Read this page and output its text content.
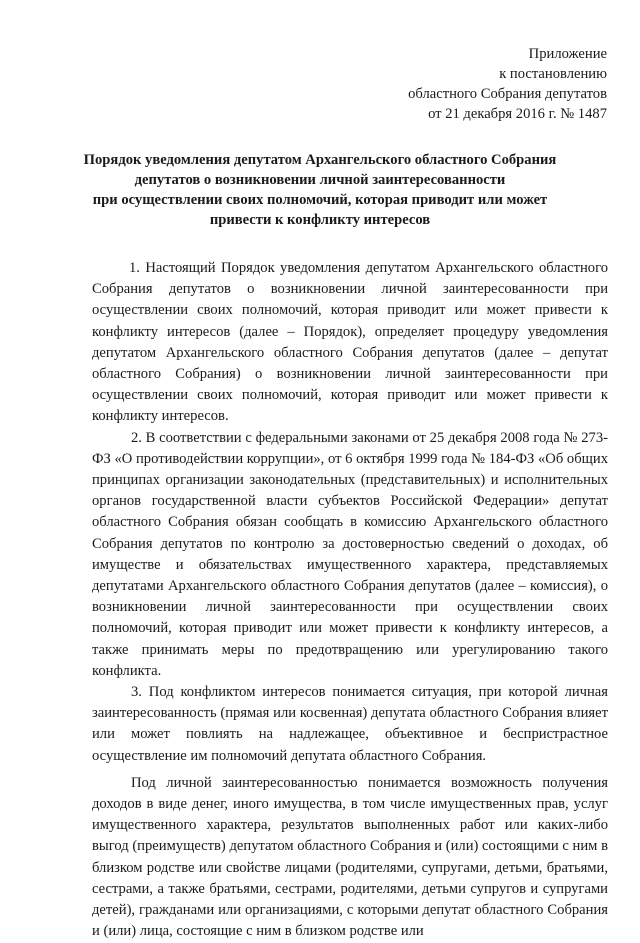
Приложение
к постановлению
областного Собрания депутатов
от 21 декабря 2016 г. № 1487
Порядок уведомления депутатом Архангельского областного Собрания
депутатов о возникновении личной заинтересованности
при осуществлении своих полномочий, которая приводит или может
привести к конфликту интересов

1. Настоящий Порядок уведомления депутатом Архангельского областного Собрания депутатов о возникновении личной заинтересованности при осуществлении своих полномочий, которая приводит или может привести к конфликту интересов (далее – Порядок), определяет процедуру уведомления депутатом Архангельского областного Собрания депутатов (далее – депутат областного Собрания) о возникновении личной заинтересованности при осуществлении своих полномочий, которая приводит или может привести к конфликту интересов.

2. В соответствии с федеральными законами от 25 декабря 2008 года № 273-ФЗ «О противодействии коррупции», от 6 октября 1999 года № 184-ФЗ «Об общих принципах организации законодательных (представительных) и исполнительных органов государственной власти субъектов Российской Федерации» депутат областного Собрания обязан сообщать в комиссию Архангельского областного Собрания депутатов по контролю за достоверностью сведений о доходах, об имуществе и обязательствах имущественного характера, представляемых депутатами Архангельского областного Собрания депутатов (далее – комиссия), о возникновении личной заинтересованности при осуществлении своих полномочий, которая приводит или может привести к конфликту интересов, а также принимать меры по предотвращению или урегулированию такого конфликта.

3. Под конфликтом интересов понимается ситуация, при которой личная заинтересованность (прямая или косвенная) депутата областного Собрания влияет или может повлиять на надлежащее, объективное и беспристрастное осуществление им полномочий депутата областного Собрания.

Под личной заинтересованностью понимается возможность получения доходов в виде денег, иного имущества, в том числе имущественных прав, услуг имущественного характера, результатов выполненных работ или каких-либо выгод (преимуществ) депутатом областного Собрания и (или) состоящими с ним в близком родстве или свойстве лицами (родителями, супругами, детьми, братьями, сестрами, а также братьями, сестрами, родителями, детьми супругов и супругами детей), гражданами или организациями, с которыми депутат областного Собрания и (или) лица, состоящие с ним в близком родстве или
